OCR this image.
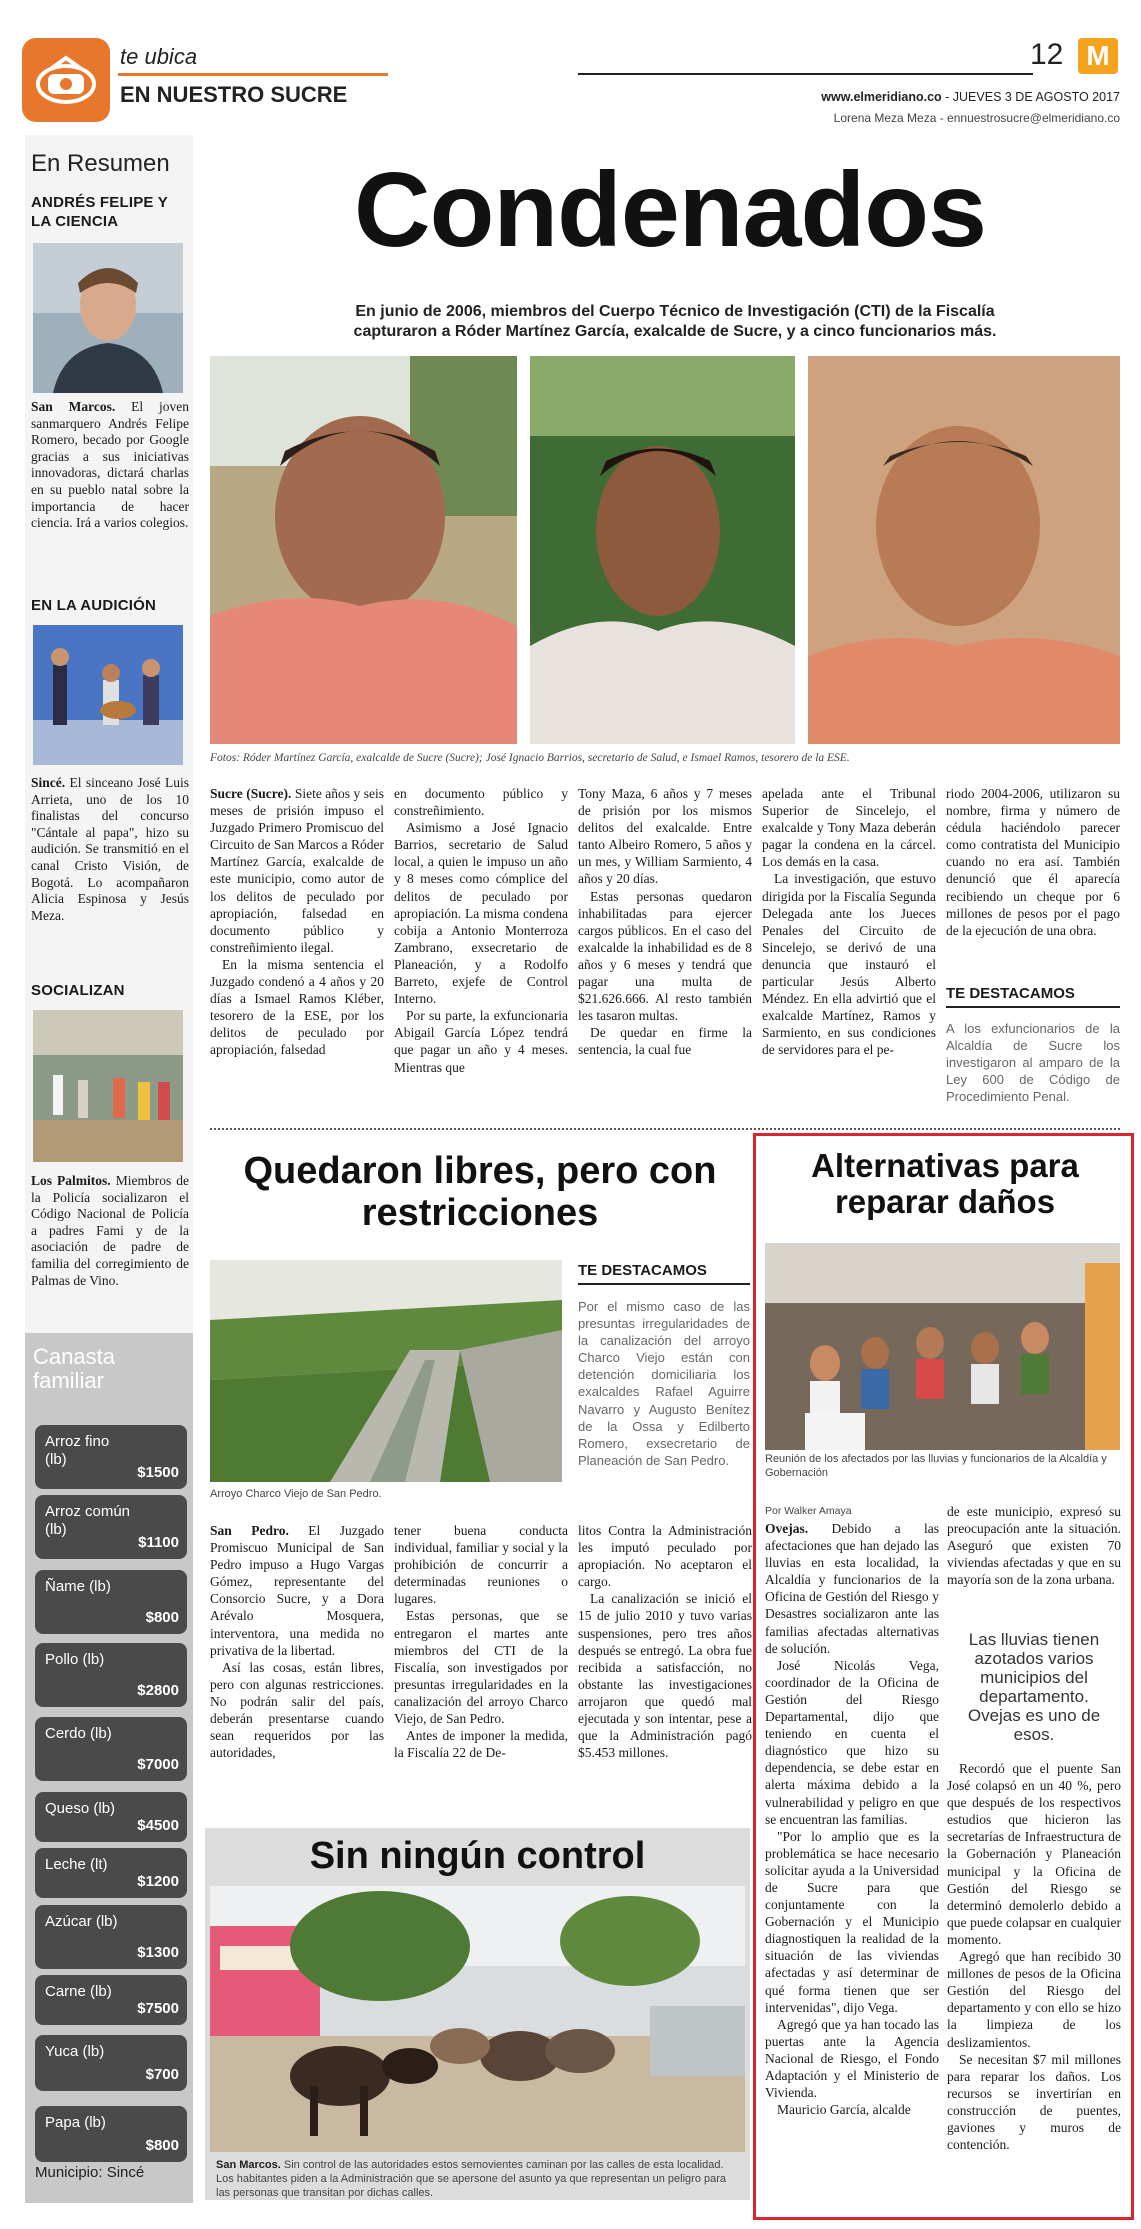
te ubica
EN NUESTRO SUCRE
12 M
www.elmeridiano.co - JUEVES 3 DE AGOSTO 2017
Lorena Meza Meza - ennuestrosucre@elmeridiano.co
En Resumen
ANDRÉS FELIPE Y LA CIENCIA
San Marcos. El joven sanmarquero Andrés Felipe Romero, becado por Google gracias a sus iniciativas innovadoras, dictará charlas en su pueblo natal sobre la importancia de hacer ciencia. Irá a varios colegios.
EN LA AUDICIÓN
Sincé. El sinceano José Luis Arrieta, uno de los 10 finalistas del concurso "Cántale al papa", hizo su audición. Se transmitió en el canal Cristo Visión, de Bogotá. Lo acompañaron Alicia Espinosa y Jesús Meza.
SOCIALIZAN
Los Palmitos. Miembros de la Policía socializaron el Código Nacional de Policía a padres Fami y de la asociación de padre de familia del corregimiento de Palmas de Vino.
Canasta familiar
Arroz fino (lb)
$1500
Arroz común (lb)
$1100
Ñame (lb)
$800
Pollo (lb)
$2800
Cerdo (lb)
$7000
Queso (lb)
$4500
Leche (lt)
$1200
Azúcar (lb)
$1300
Carne (lb)
$7500
Yuca (lb)
$700
Papa (lb)
$800
Municipio: Sincé
Condenados
En junio de 2006, miembros del Cuerpo Técnico de Investigación (CTI) de la Fiscalía capturaron a Róder Martínez García, exalcalde de Sucre, y a cinco funcionarios más.
Fotos: Róder Martínez García, exalcalde de Sucre (Sucre); José Ignacio Barrios, secretario de Salud, e Ismael Ramos, tesorero de la ESE.

Sucre (Sucre). Siete años y seis meses de prisión impuso el Juzgado Primero Promiscuo del Circuito de San Marcos a Róder Martínez García, exalcalde de este municipio, como autor de los delitos de peculado por apropiación, falsedad en documento público y constreñimiento ilegal.

En la misma sentencia el Juzgado condenó a 4 años y 20 días a Ismael Ramos Kléber, tesorero de la ESE, por los delitos de peculado por apropiación, falsedad

en documento público y constreñimiento.

Asimismo a José Ignacio Barrios, secretario de Salud local, a quien le impuso un año y 8 meses como cómplice del delitos de peculado por apropiación. La misma condena cobija a Antonio Monterroza Zambrano, exsecretario de Planeación, y a Rodolfo Barreto, exjefe de Control Interno.

Por su parte, la exfuncionaria Abigail García López tendrá que pagar un año y 4 meses. Mientras que

Tony Maza, 6 años y 7 meses de prisión por los mismos delitos del exalcalde. Entre tanto Albeiro Romero, 5 años y un mes, y William Sarmiento, 4 años y 20 días.

Estas personas quedaron inhabilitadas para ejercer cargos públicos. En el caso del exalcalde la inhabilidad es de 8 años y 6 meses y tendrá que pagar una multa de $21.626.666. Al resto también les tasaron multas.

De quedar en firme la sentencia, la cual fue

apelada ante el Tribunal Superior de Sincelejo, el exalcalde y Tony Maza deberán pagar la condena en la cárcel. Los demás en la casa.

La investigación, que estuvo dirigida por la Fiscalía Segunda Delegada ante los Jueces Penales del Circuito de Sincelejo, se derivó de una denuncia que instauró el particular Jesús Alberto Méndez. En ella advirtió que el exalcalde Martínez, Ramos y Sarmiento, en sus condiciones de servidores para el pe-

riodo 2004-2006, utilizaron su nombre, firma y número de cédula haciéndolo parecer como contratista del Municipio cuando no era así. También denunció que él aparecía recibiendo un cheque por 6 millones de pesos por el pago de la ejecución de una obra.

TE DESTACAMOS
A los exfuncionarios de la Alcaldía de Sucre los investigaron al amparo de la Ley 600 de Código de Procedimiento Penal.
Quedaron libres, pero con restricciones
Arroyo Charco Viejo de San Pedro.
TE DESTACAMOS
Por el mismo caso de las presuntas irregularidades de la canalización del arroyo Charco Viejo están con detención domiciliaria los exalcaldes Rafael Aguirre Navarro y Augusto Benítez de la Ossa y Edilberto Romero, exsecretario de Planeación de San Pedro.

San Pedro. El Juzgado Promiscuo Municipal de San Pedro impuso a Hugo Vargas Gómez, representante del Consorcio Sucre, y a Dora Arévalo Mosquera, interventora, una medida no privativa de la libertad.

Así las cosas, están libres, pero con algunas restricciones. No podrán salir del país, deberán presentarse cuando sean requeridos por las autoridades,

tener buena conducta individual, familiar y social y la prohibición de concurrir a determinadas reuniones o lugares.

Estas personas, que se entregaron el martes ante miembros del CTI de la Fiscalía, son investigados por presuntas irregularidades en la canalización del arroyo Charco Viejo, de San Pedro.

Antes de imponer la medida, la Fiscalía 22 de De-

litos Contra la Administración les imputó peculado por apropiación. No aceptaron el cargo.

La canalización se inició el 15 de julio 2010 y tuvo varias suspensiones, pero tres años después se entregó. La obra fue recibida a satisfacción, no obstante las investigaciones arrojaron que quedó mal ejecutada y son intentar, pese a que la Administración pagó $5.453 millones.

Sin ningún control
San Marcos. Sin control de las autoridades estos semovientes caminan por las calles de esta localidad. Los habitantes piden a la Administración que se apersone del asunto ya que representan un peligro para las personas que transitan por dichas calles.
Alternativas para reparar daños
Reunión de los afectados por las lluvias y funcionarios de la Alcaldía y Gobernación
Por Walker Amaya

Ovejas. Debido a las afectaciones que han dejado las lluvias en esta localidad, la Alcaldía y funcionarios de la Oficina de Gestión del Riesgo y Desastres socializaron ante las familias afectadas alternativas de solución.

José Nicolás Vega, coordinador de la Oficina de Gestión del Riesgo Departamental, dijo que teniendo en cuenta el diagnóstico que hizo su dependencia, se debe estar en alerta máxima debido a la vulnerabilidad y peligro en que se encuentran las familias.

"Por lo amplio que es la problemática se hace necesario solicitar ayuda a la Universidad de Sucre para que conjuntamente con la Gobernación y el Municipio diagnostiquen la realidad de la situación de las viviendas afectadas y así determinar de qué forma tienen que ser intervenidas", dijo Vega.

Agregó que ya han tocado las puertas ante la Agencia Nacional de Riesgo, el Fondo Adaptación y el Ministerio de Vivienda.

Mauricio García, alcalde

de este municipio, expresó su preocupación ante la situación. Aseguró que existen 70 viviendas afectadas y que en su mayoría son de la zona urbana.

Las lluvias tienen azotados varios municipios del departamento. Ovejas es uno de esos.

Recordó que el puente San José colapsó en un 40 %, pero que después de los respectivos estudios que hicieron las secretarías de Infraestructura de la Gobernación y Planeación municipal y la Oficina de Gestión del Riesgo se determinó demolerlo debido a que puede colapsar en cualquier momento.

Agregó que han recibido 30 millones de pesos de la Oficina Gestión del Riesgo del departamento y con ello se hizo la limpieza de los deslizamientos.

Se necesitan $7 mil millones para reparar los daños. Los recursos se invertirían en construcción de puentes, gaviones y muros de contención.
